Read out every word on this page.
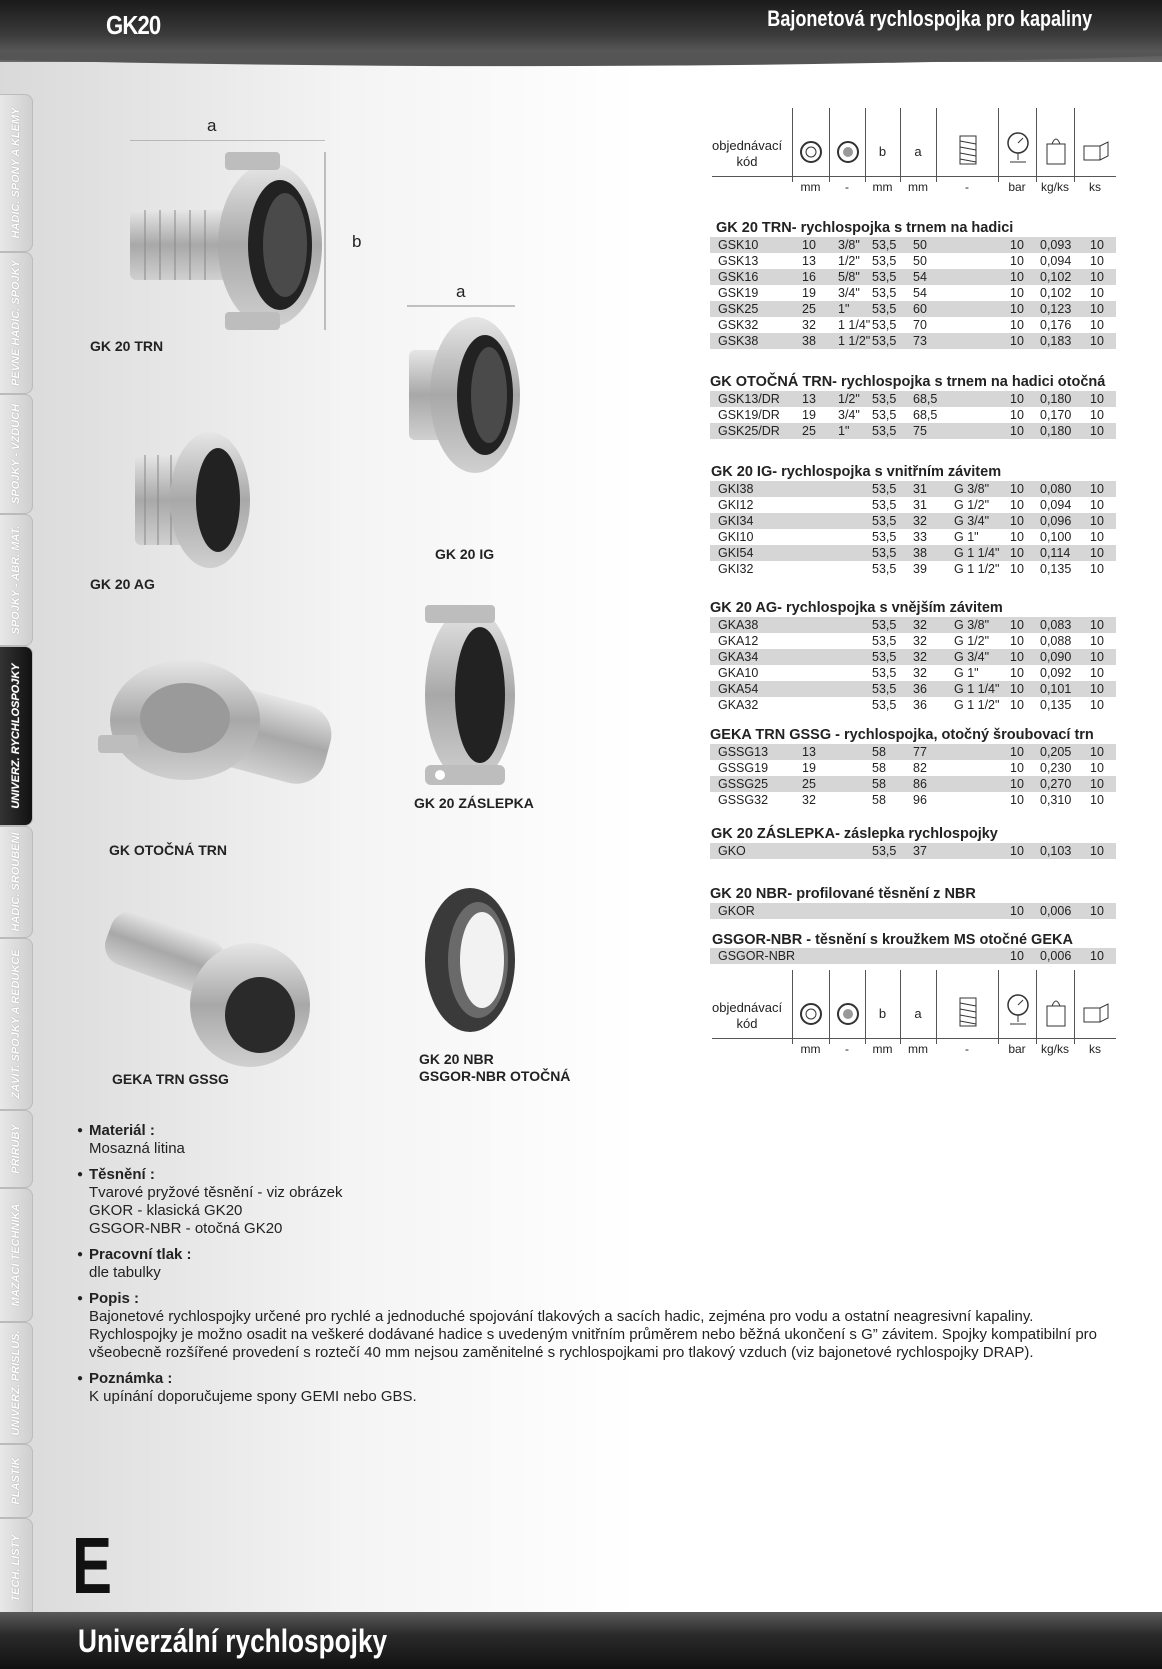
GK20	Bajonetová rychlospojka pro kapaliny
HADIC. SPONY A KLEMY
PEVNÉ HADIC. SPOJKY
SPOJKY - VZDUCH
SPOJKY - ABR. MAT.
UNIVERZ. RYCHLOSPOJKY
HADIC. ŠROUBENÍ
ZÁVIT. SPOJKY A REDUKCE
PŘÍRUBY
MAZACÍ TECHNIKA
UNIVERZ. PŘÍSLUŠ.
PLASTIK
TECH. LISTY
a
b
GK 20 TRN
a
GK 20 IG
GK 20 AG
GK OTOČNÁ TRN
GK 20 ZÁSLEPKA
GEKA TRN GSSG
GK 20 NBR
GSGOR-NBR OTOČNÁ
objednávací
kód
b	a
mm	-	mm	mm	-	bar	kg/ks	ks
GK 20 TRN- rychlospojka s trnem na hadici
GSK10	10 3/8" 53,5 50	10 0,093 10
GSK13	13 1/2" 53,5 50	10 0,094 10
GSK16	16 5/8" 53,5 54	10 0,102 10
GSK19	19 3/4" 53,5 54	10 0,102 10
GSK25	25 1" 53,5 60	10 0,123 10
GSK32	32 1 1/4" 53,5 70	10 0,176 10
GSK38	38 1 1/2" 53,5 73	10 0,183 10
GK OTOČNÁ TRN- rychlospojka s trnem na hadici otočná
GSK13/DR 13 1/2" 53,5 68,5	10 0,180 10
GSK19/DR 19 3/4" 53,5 68,5	10 0,170 10
GSK25/DR 25 1" 53,5 75	10 0,180 10
GK 20 IG- rychlospojka s vnitřním závitem
GKI38	53,5 31 G 3/8" 10 0,080 10
GKI12	53,5 31 G 1/2" 10 0,094 10
GKI34	53,5 32 G 3/4" 10 0,096 10
GKI10	53,5 33 G 1"	10 0,100 10
GKI54	53,5 38 G 1 1/4" 10 0,114 10
GKI32	53,5 39 G 1 1/2" 10 0,135 10
GK 20 AG- rychlospojka s vnějším závitem
GKA38	53,5 32 G 3/8" 10 0,083 10
GKA12	53,5 32 G 1/2" 10 0,088 10
GKA34	53,5 32 G 3/4" 10 0,090 10
GKA10	53,5 32 G 1"	10 0,092 10
GKA54	53,5 36 G 1 1/4" 10 0,101 10
GKA32	53,5 36 G 1 1/2" 10 0,135 10
GEKA TRN GSSG - rychlospojka, otočný šroubovací trn
GSSG13	13	58 77	10 0,205 10
GSSG19	19	58 82	10 0,230 10
GSSG25	25	58 86	10 0,270 10
GSSG32	32	58 96	10 0,310 10
GK 20 ZÁSLEPKA- záslepka rychlospojky
GKO	53,5 37	10 0,103 10
GK 20 NBR- profilované těsnění z NBR
GKOR	10 0,006 10
GSGOR-NBR - těsnění s kroužkem MS otočné GEKA
GSGOR-NBR	10 0,006 10
objednávací
kód
b	a
mm	-	mm	mm	-	bar	kg/ks	ks
● Materiál :
Mosazná litina
● Těsnění :
Tvarové pryžové těsnění - viz obrázek
GKOR - klasická GK20
GSGOR-NBR - otočná GK20
● Pracovní tlak :
dle tabulky
● Popis :
Bajonetové rychlospojky určené pro rychlé a jednoduché spojování tlakových a sacích hadic, zejména pro vodu a ostatní neagresivní kapaliny. Rychlospojky je možno osadit na veškeré dodávané hadice s uvedeným vnitřním průměrem nebo běžná ukončení s G” závitem. Spojky kompatibilní pro všeobecně rozšířené provedení s roztečí 40 mm nejsou zaměnitelné s rychlospojkami pro tlakový vzduch (viz bajonetové rychlospojky DRAP).
● Poznámka :
K upínání doporučujeme spony GEMI nebo GBS.
E
Univerzální rychlospojky
